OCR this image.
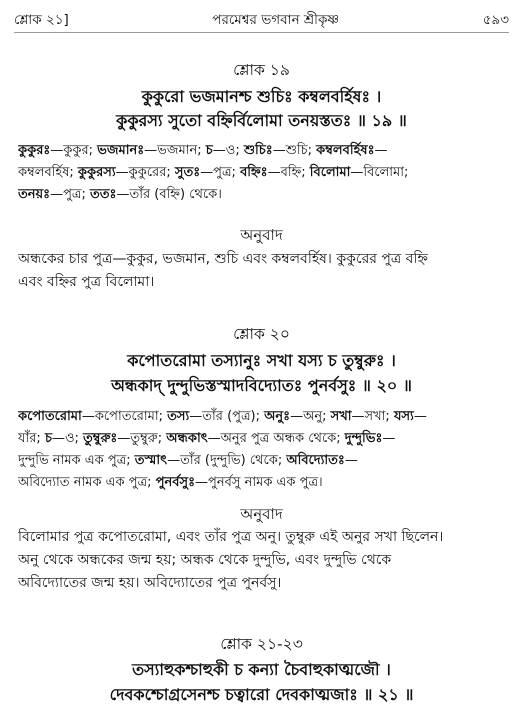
শ্লোক ২১]	পরমেশ্বর ভগবান শ্রীকৃষ্ণ	৫৯৩
শ্লোক ১৯
কুকুরো ভজমানশ্চ শুচিঃ কম্বলবর্হিষঃ ।
কুকুরস্য সুতো বহ্নির্বিলোমা তনয়স্ততঃ ॥ ১৯ ॥
কুকুরঃ—কুকুর; ভজমানঃ—ভজমান; চ—ও; শুচিঃ—শুচি; কম্বলবর্হিষঃ—
কম্বলবর্হিষ; কুকুরস্য—কুকুরের; সুতঃ—পুত্র; বহ্নিঃ—বহ্নি; বিলোমা—বিলোমা;
তনয়ঃ—পুত্র; ততঃ—তাঁর (বহ্নি) থেকে।
অনুবাদ
অন্ধকের চার পুত্র—কুকুর, ভজমান, শুচি এবং কম্বলবর্হিষ। কুকুরের পুত্র বহ্নি
এবং বহ্নির পুত্র বিলোমা।
শ্লোক ২০
কপোতরোমা তস্যানুঃ সখা যস্য চ তুম্বুরুঃ ।
অন্ধকাদ্ দুন্দুভিস্তস্মাদবিদ্যোতঃ পুনর্বসুঃ ॥ ২০ ॥
কপোতরোমা—কপোতরোমা; তস্য—তাঁর (পুত্র); অনুঃ—অনু; সখা—সখা; যস্য—
যাঁর; চ—ও; তুম্বুরুঃ—তুম্বুরু; অন্ধকাৎ—অনুর পুত্র অন্ধক থেকে; দুন্দুভিঃ—
দুন্দুভি নামক এক পুত্র; তস্মাৎ—তাঁর (দুন্দুভি) থেকে; অবিদ্যোতঃ—
অবিদ্যোত নামক এক পুত্র; পুনর্বসুঃ—পুনর্বসু নামক এক পুত্র।
অনুবাদ
বিলোমার পুত্র কপোতরোমা, এবং তাঁর পুত্র অনু। তুম্বুরু এই অনুর সখা ছিলেন।
অনু থেকে অন্ধকের জন্ম হয়; অন্ধক থেকে দুন্দুভি, এবং দুন্দুভি থেকে
অবিদ্যোতের জন্ম হয়। অবিদ্যোতের পুত্র পুনর্বসু।
শ্লোক ২১-২৩
তস্যাহুকশ্চাহুকী চ কন্যা চৈবাহুকাত্মজৌ ।
দেবকশ্চোগ্রসেনশ্চ চত্বারো দেবকাত্মজাঃ ॥ ২১ ॥
